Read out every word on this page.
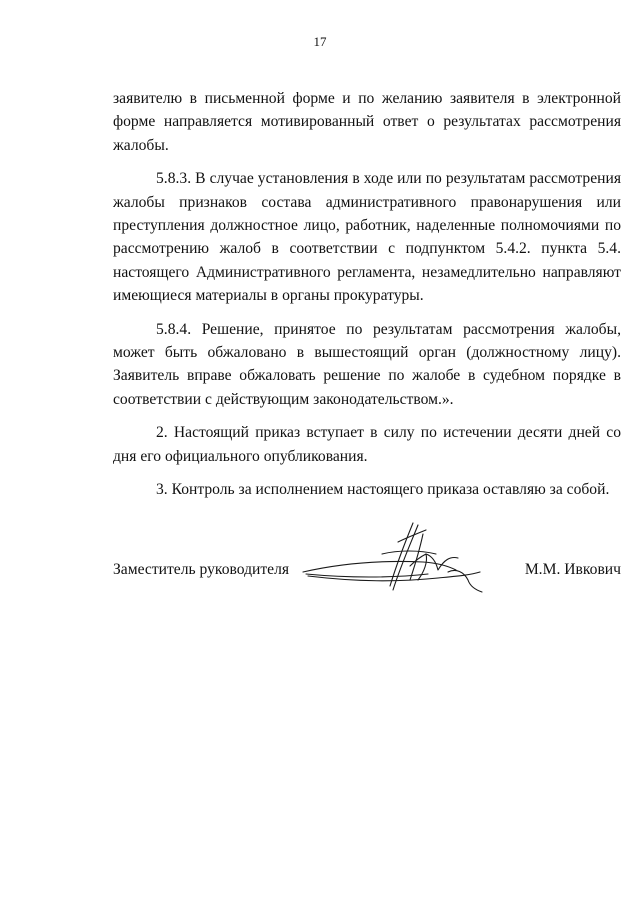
17

заявителю в письменной форме и по желанию заявителя в электронной форме направляется мотивированный ответ о результатах рассмотрения жалобы.

5.8.3. В случае установления в ходе или по результатам рассмотрения жалобы признаков состава административного правонарушения или преступления должностное лицо, работник, наделенные полномочиями по рассмотрению жалоб в соответствии с подпунктом 5.4.2. пункта 5.4. настоящего Административного регламента, незамедлительно направляют имеющиеся материалы в органы прокуратуры.

5.8.4. Решение, принятое по результатам рассмотрения жалобы, может быть обжаловано в вышестоящий орган (должностному лицу). Заявитель вправе обжаловать решение по жалобе в судебном порядке в соответствии с действующим законодательством.».

2. Настоящий приказ вступает в силу по истечении десяти дней со дня его официального опубликования.

3. Контроль за исполнением настоящего приказа оставляю за собой.

Заместитель руководителя	М.М. Ивкович
